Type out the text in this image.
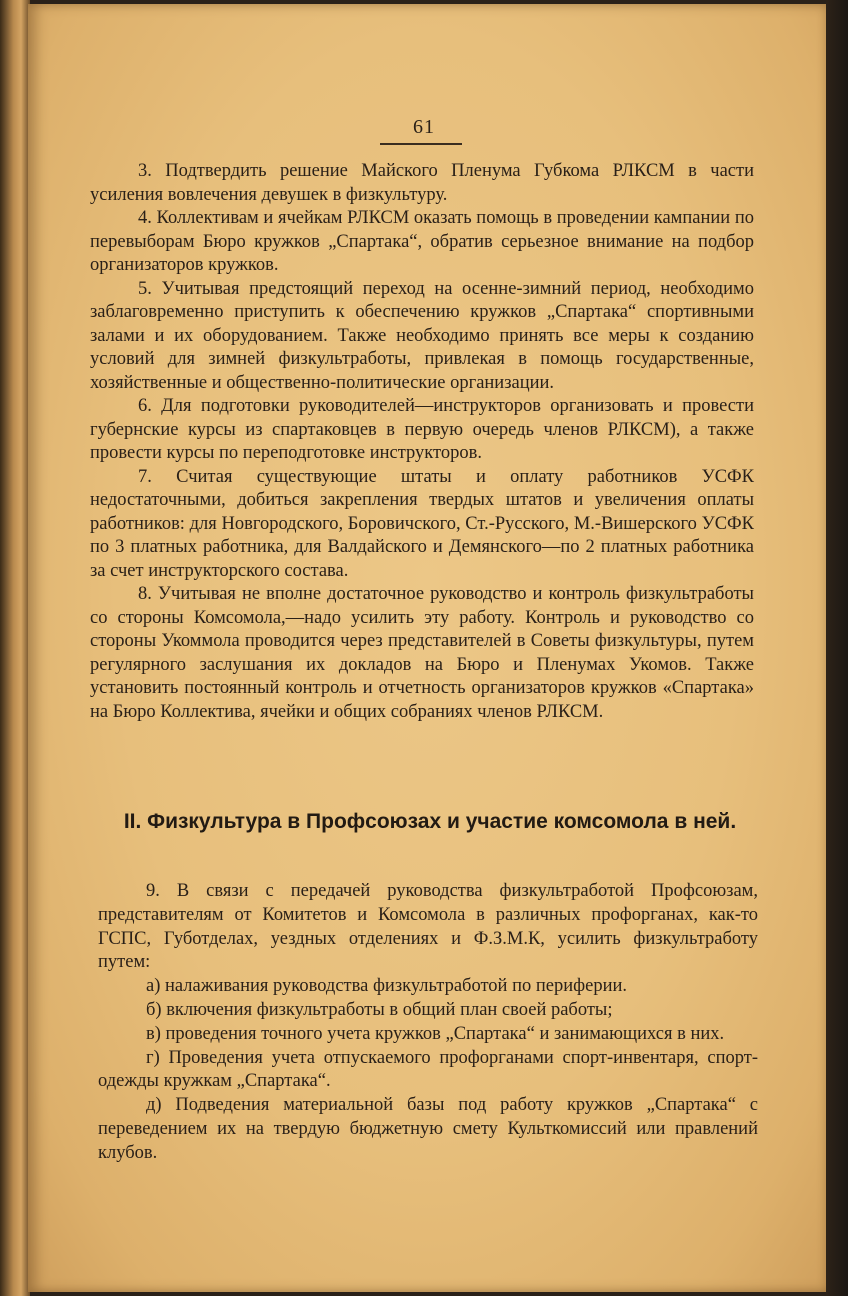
61

3. Подтвердить решение Майского Пленума Губкома РЛКСМ в части усиления вовлечения девушек в физкультуру.

4. Коллективам и ячейкам РЛКСМ оказать помощь в проведении кампании по перевыборам Бюро кружков „Спартака“, обратив серьезное внимание на подбор организаторов кружков.

5. Учитывая предстоящий переход на осенне-зимний период, необходимо заблаговременно приступить к обеспечению кружков „Спартака“ спортивными залами и их оборудованием. Также необходимо принять все меры к созданию условий для зимней физкультработы, привлекая в помощь государственные, хозяйственные и общественно-политические организации.

6. Для подготовки руководителей—инструкторов организовать и провести губернские курсы из спартаковцев в первую очередь членов РЛКСМ), а также провести курсы по переподготовке инструкторов.

7. Считая существующие штаты и оплату работников УСФК недостаточными, добиться закрепления твердых штатов и увеличения оплаты работников: для Новгородского, Боровичского, Ст.-Русского, М.-Вишерского УСФК по 3 платных работника, для Валдайского и Демянского—по 2 платных работника за счет инструкторского состава.

8. Учитывая не вполне достаточное руководство и контроль физкультработы со стороны Комсомола,—надо усилить эту работу. Контроль и руководство со стороны Укоммола проводится через представителей в Советы физкультуры, путем регулярного заслушания их докладов на Бюро и Пленумах Укомов. Также установить постоянный контроль и отчетность организаторов кружков «Спартака» на Бюро Коллектива, ячейки и общих собраниях членов РЛКСМ.

II. Физкультура в Профсоюзах и участие комсомола в ней.

9. В связи с передачей руководства физкультработой Профсоюзам, представителям от Комитетов и Комсомола в различных профорганах, как-то ГСПС, Губотделах, уездных отделениях и Ф.З.М.К, усилить физкультработу путем:

а) налаживания руководства физкультработой по периферии.

б) включения физкультработы в общий план своей работы;

в) проведения точного учета кружков „Спартака“ и занимающихся в них.

г) Проведения учета отпускаемого профорганами спорт-инвентаря, спорт-одежды кружкам „Спартака“.

д) Подведения материальной базы под работу кружков „Спартака“ с переведением их на твердую бюджетную смету Культкомиссий или правлений клубов.
